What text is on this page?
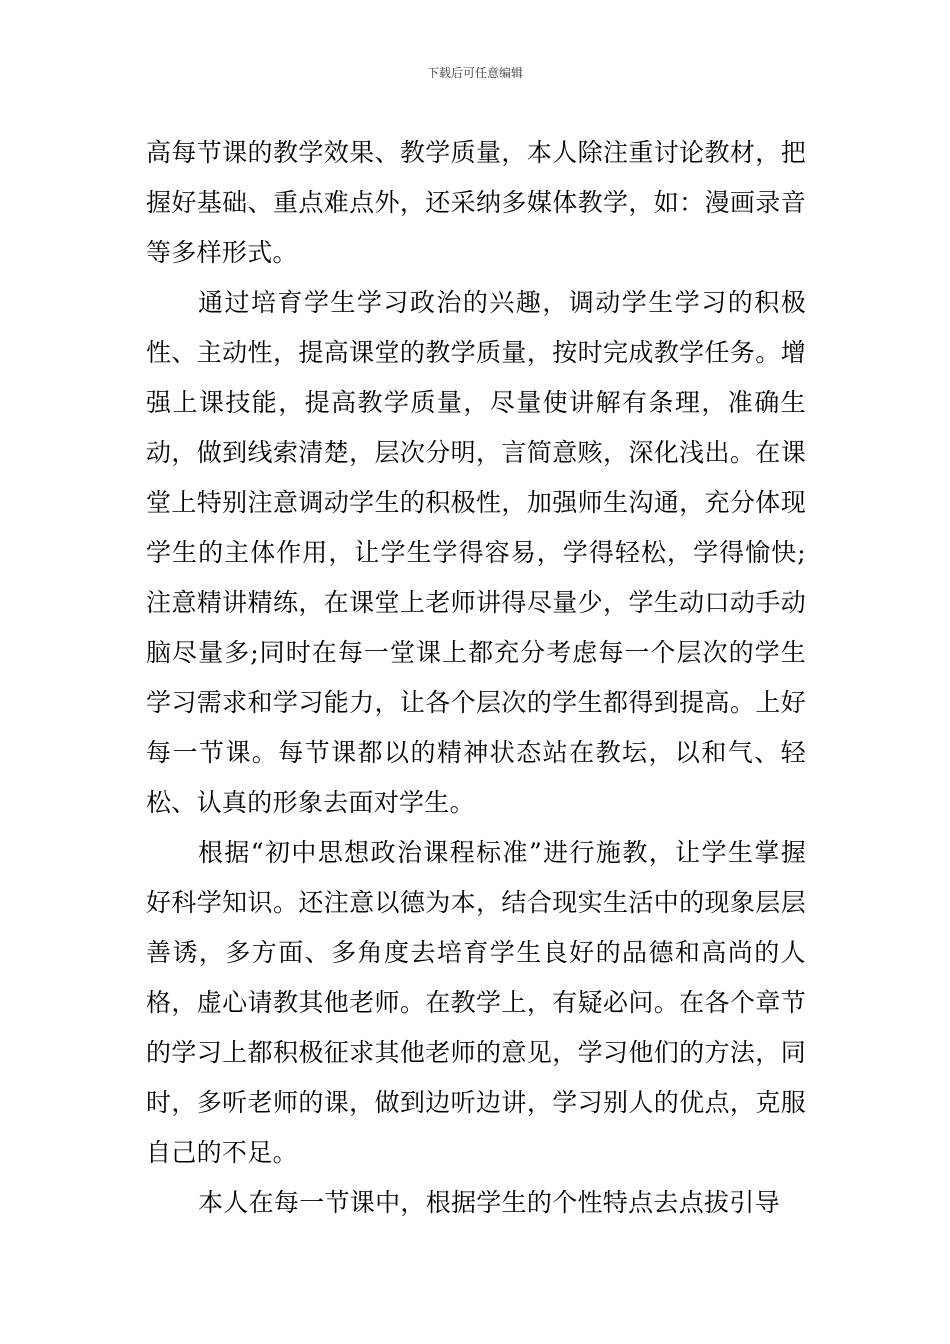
下载后可任意编辑

高每节课的教学效果、教学质量，本人除注重讨论教材，把握好基础、重点难点外，还采纳多媒体教学，如：漫画录音等多样形式。

通过培育学生学习政治的兴趣，调动学生学习的积极性、主动性，提高课堂的教学质量，按时完成教学任务。增强上课技能，提高教学质量，尽量使讲解有条理，准确生动，做到线索清楚，层次分明，言简意赅，深化浅出。在课堂上特别注意调动学生的积极性，加强师生沟通，充分体现学生的主体作用，让学生学得容易，学得轻松，学得愉快;注意精讲精练，在课堂上老师讲得尽量少，学生动口动手动脑尽量多;同时在每一堂课上都充分考虑每一个层次的学生学习需求和学习能力，让各个层次的学生都得到提高。上好每一节课。每节课都以的精神状态站在教坛，以和气、轻松、认真的形象去面对学生。

根据“初中思想政治课程标准”进行施教，让学生掌握好科学知识。还注意以德为本，结合现实生活中的现象层层善诱，多方面、多角度去培育学生良好的品德和高尚的人格，虚心请教其他老师。在教学上，有疑必问。在各个章节的学习上都积极征求其他老师的意见，学习他们的方法，同时，多听老师的课，做到边听边讲，学习别人的优点，克服自己的不足。

本人在每一节课中，根据学生的个性特点去点拔引导
